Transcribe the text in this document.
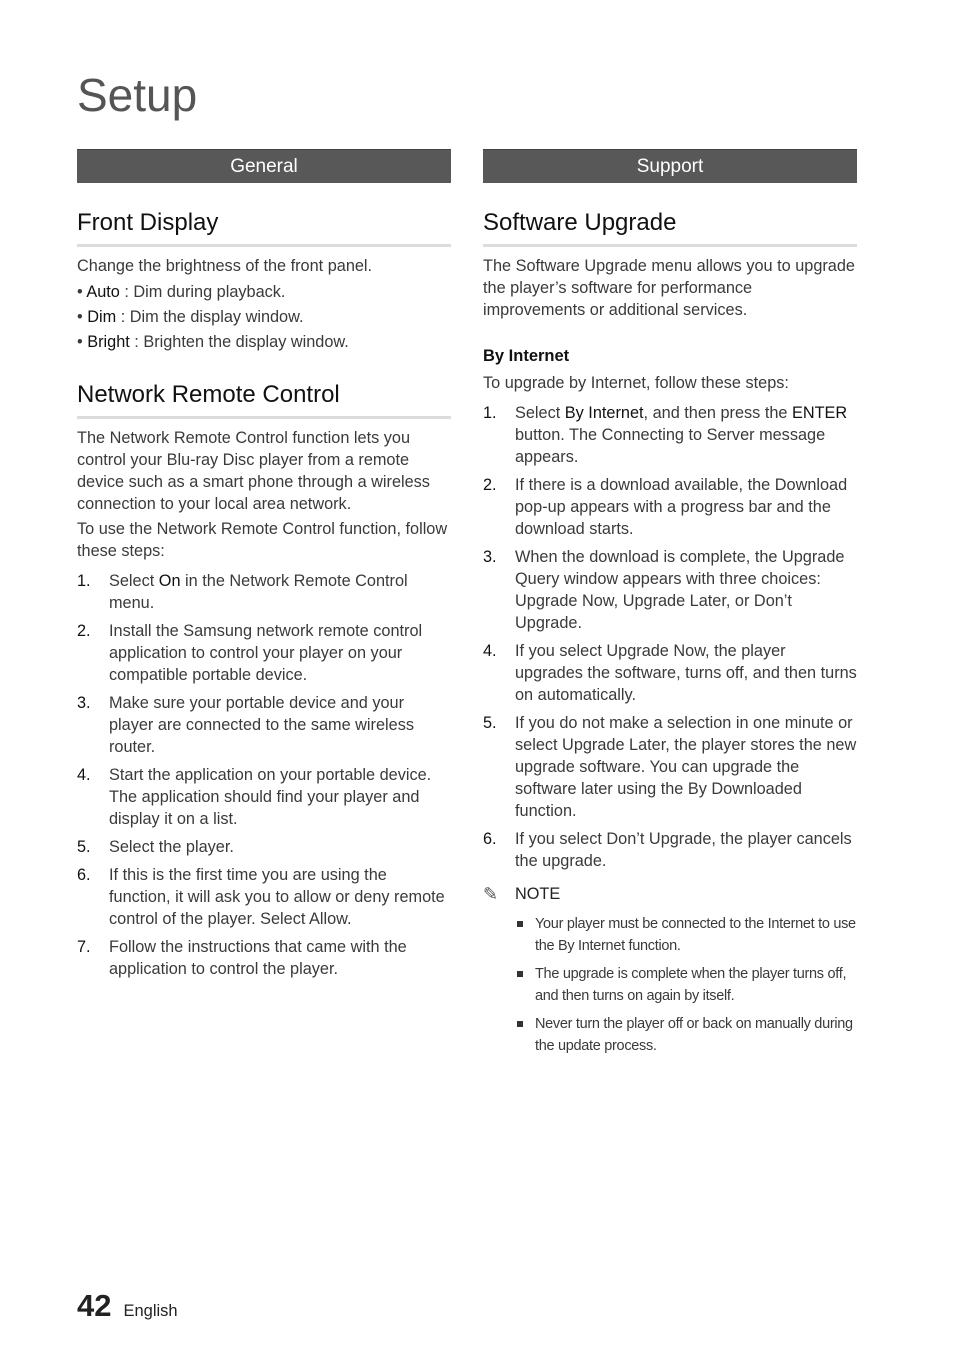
Setup
General
Front Display

Change the brightness of the front panel.

• Auto : Dim during playback.
• Dim : Dim the display window.
• Bright : Brighten the display window.
Network Remote Control

The Network Remote Control function lets you control your Blu-ray Disc player from a remote device such as a smart phone through a wireless connection to your local area network.

To use the Network Remote Control function, follow these steps:

1. Select On in the Network Remote Control menu.
2. Install the Samsung network remote control application to control your player on your compatible portable device.
3. Make sure your portable device and your player are connected to the same wireless router.
4. Start the application on your portable device. The application should find your player and display it on a list.
5. Select the player.
6. If this is the first time you are using the function, it will ask you to allow or deny remote control of the player. Select Allow.
7. Follow the instructions that came with the application to control the player.
Support
Software Upgrade

The Software Upgrade menu allows you to upgrade the player’s software for performance improvements or additional services.

By Internet

To upgrade by Internet, follow these steps:

1. Select By Internet, and then press the ENTER button. The Connecting to Server message appears.
2. If there is a download available, the Download pop-up appears with a progress bar and the download starts.
3. When the download is complete, the Upgrade Query window appears with three choices: Upgrade Now, Upgrade Later, or Don’t Upgrade.
4. If you select Upgrade Now, the player upgrades the software, turns off, and then turns on automatically.
5. If you do not make a selection in one minute or select Upgrade Later, the player stores the new upgrade software. You can upgrade the software later using the By Downloaded function.
6. If you select Don’t Upgrade, the player cancels the upgrade.
✎	NOTE
Your player must be connected to the Internet to use the By Internet function.
The upgrade is complete when the player turns off, and then turns on again by itself.
Never turn the player off or back on manually during the update process.
42 English
